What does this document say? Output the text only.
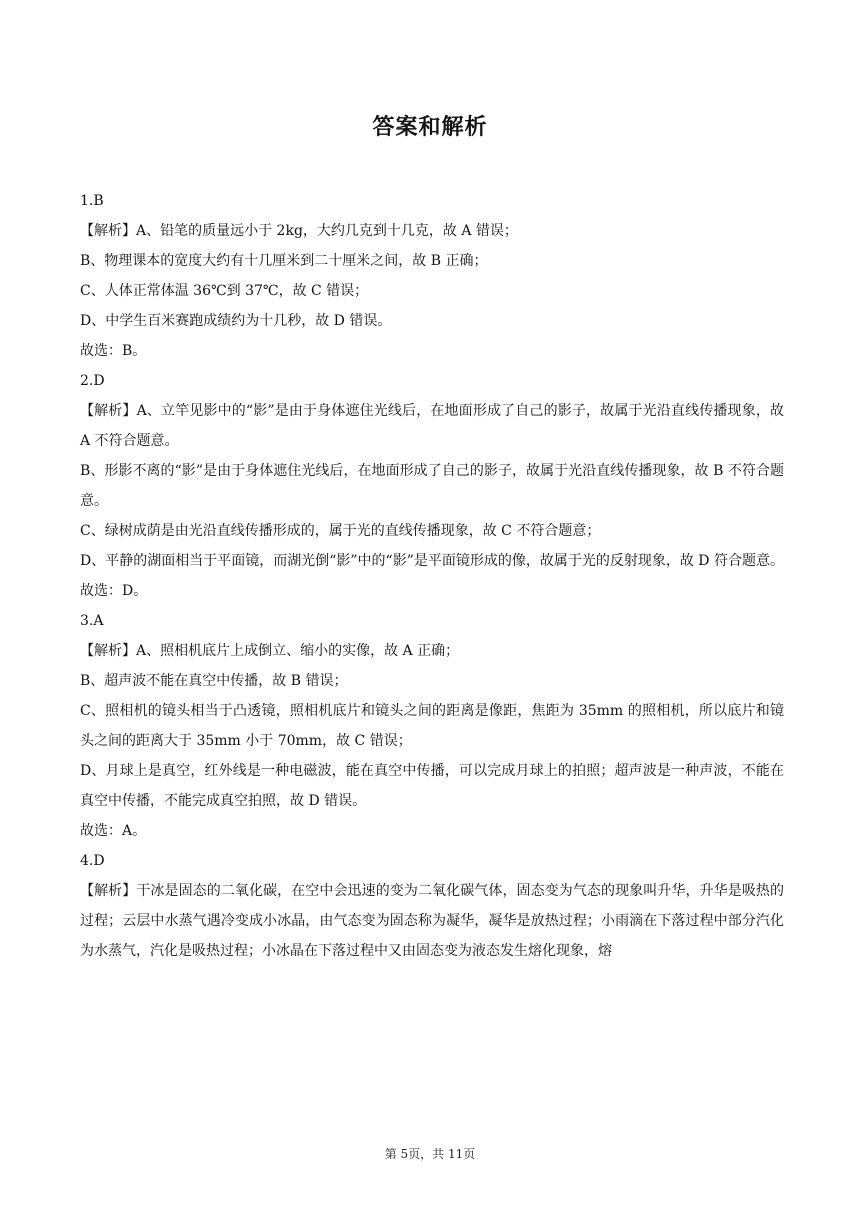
答案和解析

1.B

【解析】A、铅笔的质量远小于 2kg，大约几克到十几克，故 A 错误；

B、物理课本的宽度大约有十几厘米到二十厘米之间，故 B 正确；

C、人体正常体温 36℃到 37℃，故 C 错误；

D、中学生百米赛跑成绩约为十几秒，故 D 错误。

故选：B。

2.D

【解析】A、立竿见影中的“影”是由于身体遮住光线后，在地面形成了自己的影子，故属于光沿直线传播现象，故 A 不符合题意。

B、形影不离的“影”是由于身体遮住光线后，在地面形成了自己的影子，故属于光沿直线传播现象，故 B 不符合题意。

C、绿树成荫是由光沿直线传播形成的，属于光的直线传播现象，故 C 不符合题意；

D、平静的湖面相当于平面镜，而湖光倒“影”中的“影”是平面镜形成的像，故属于光的反射现象，故 D 符合题意。

故选：D。

3.A

【解析】A、照相机底片上成倒立、缩小的实像，故 A 正确；

B、超声波不能在真空中传播，故 B 错误；

C、照相机的镜头相当于凸透镜，照相机底片和镜头之间的距离是像距，焦距为 35mm 的照相机，所以底片和镜头之间的距离大于 35mm 小于 70mm，故 C 错误；

D、月球上是真空，红外线是一种电磁波，能在真空中传播，可以完成月球上的拍照；超声波是一种声波，不能在真空中传播，不能完成真空拍照，故 D 错误。

故选：A。

4.D

【解析】干冰是固态的二氧化碳，在空中会迅速的变为二氧化碳气体，固态变为气态的现象叫升华，升华是吸热的过程；云层中水蒸气遇冷变成小冰晶，由气态变为固态称为凝华，凝华是放热过程；小雨滴在下落过程中部分汽化为水蒸气，汽化是吸热过程；小冰晶在下落过程中又由固态变为液态发生熔化现象，熔

第 5页，共 11页
